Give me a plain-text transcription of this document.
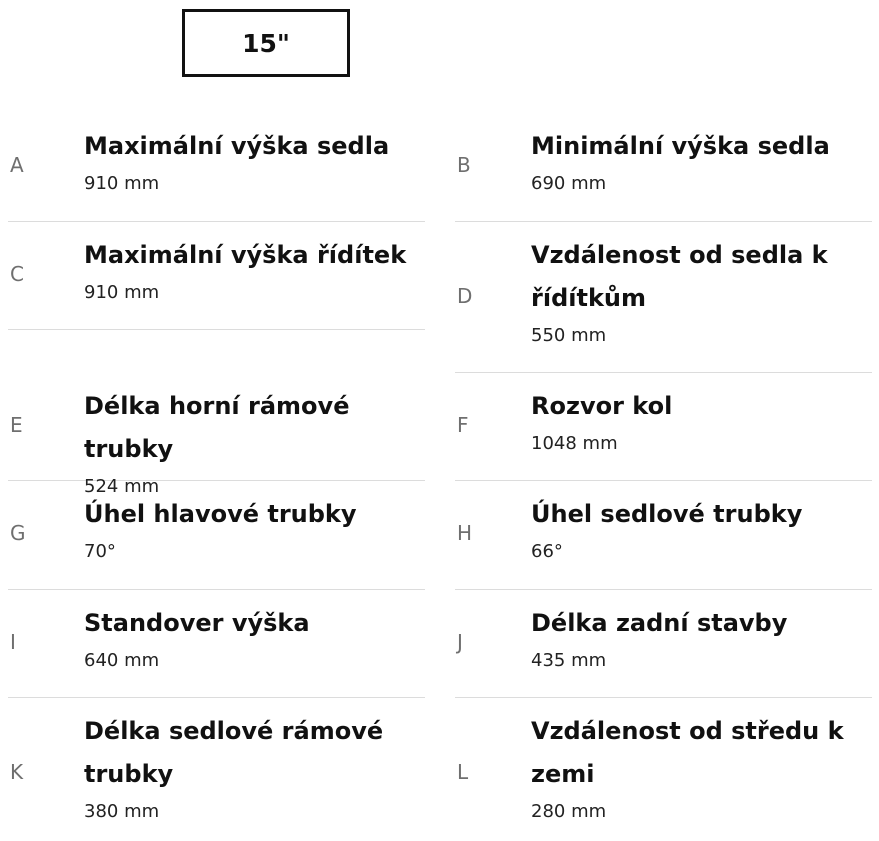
15"
A
Maximální výška sedla
910 mm
C
Maximální výška řídítek
910 mm
E
Délka horní rámové trubky
524 mm
G
Úhel hlavové trubky
70°
I
Standover výška
640 mm
K
Délka sedlové rámové trubky
380 mm
B
Minimální výška sedla
690 mm
D
Vzdálenost od sedla k řídítkům
550 mm
F
Rozvor kol
1048 mm
H
Úhel sedlové trubky
66°
J
Délka zadní stavby
435 mm
L
Vzdálenost od středu k zemi
280 mm
